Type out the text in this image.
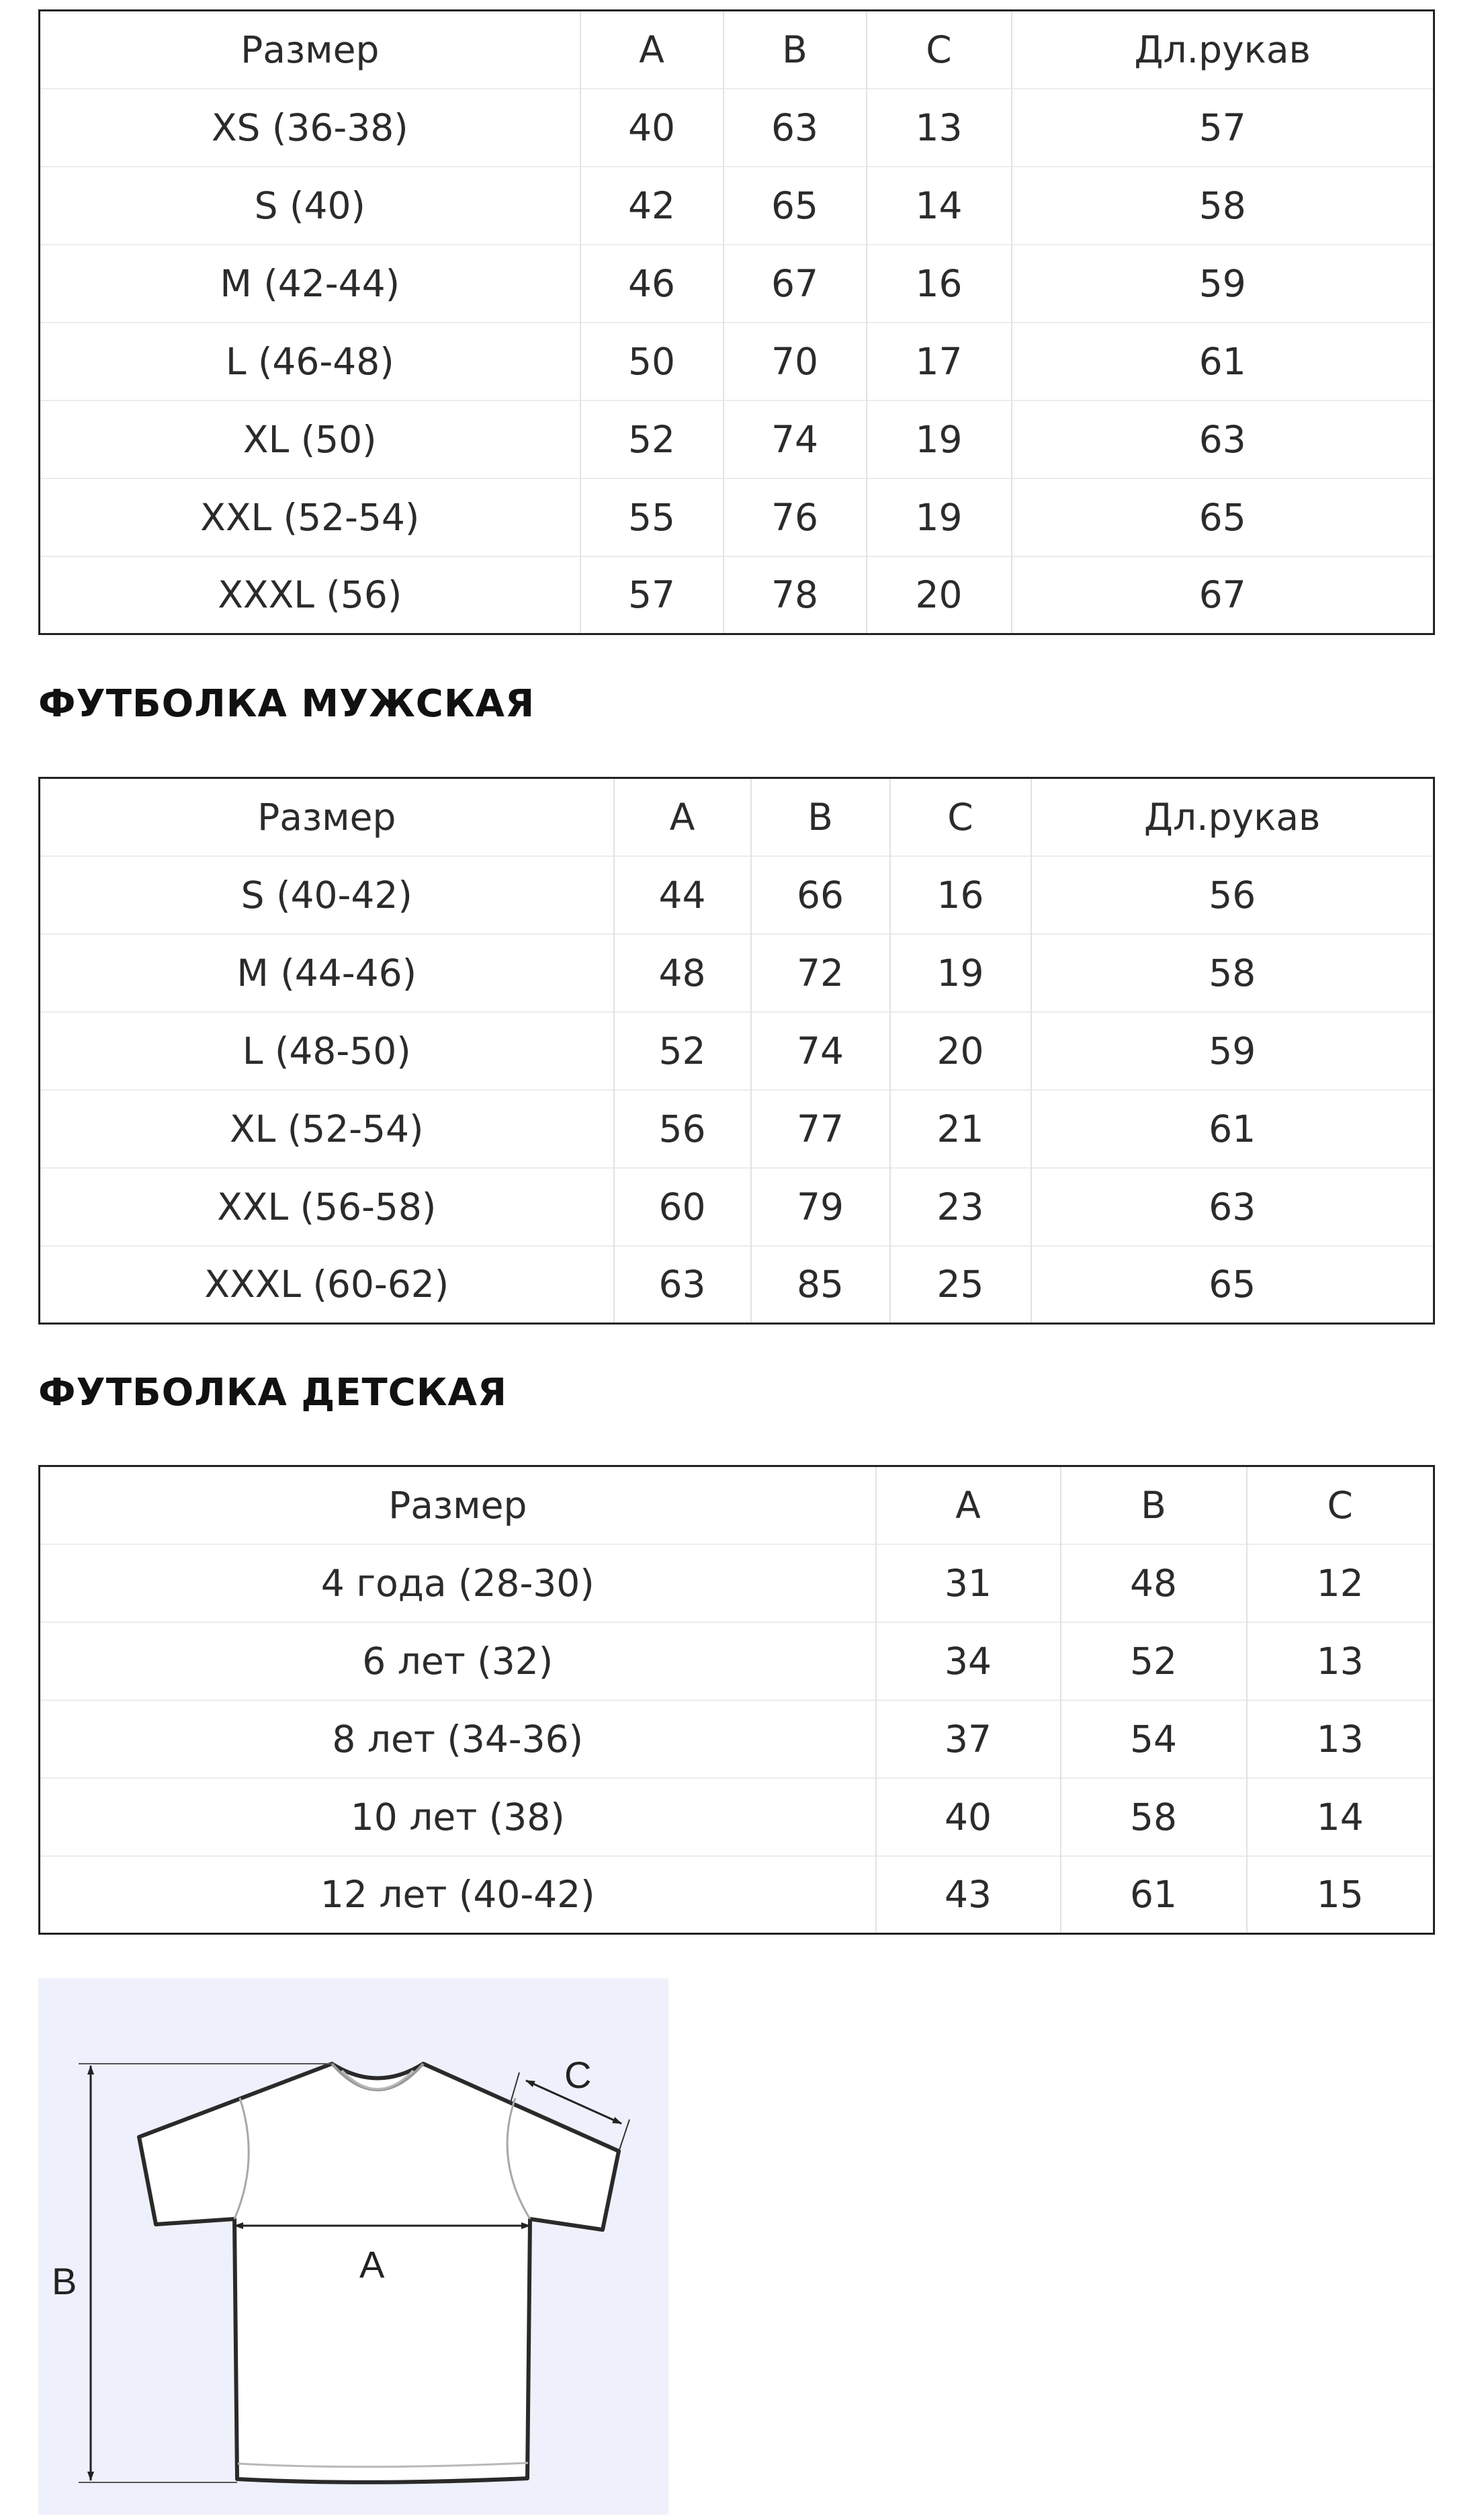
Размер	A	B	C	Дл.рукав
XS (36-38)	40	63	13	57
S (40)	42	65	14	58
M (42-44)	46	67	16	59
L (46-48)	50	70	17	61
XL (50)	52	74	19	63
XXL (52-54)	55	76	19	65
XXXL (56)	57	78	20	67
ФУТБОЛКА МУЖСКАЯ
Размер	A	B	C	Дл.рукав
S (40-42)	44	66	16	56
M (44-46)	48	72	19	58
L (48-50)	52	74	20	59
XL (52-54)	56	77	21	61
XXL (56-58)	60	79	23	63
XXXL (60-62)	63	85	25	65
ФУТБОЛКА ДЕТСКАЯ
Размер	A	B	C
4 года (28-30)	31	48	12
6 лет (32)	34	52	13
8 лет (34-36)	37	54	13
10 лет (38)	40	58	14
12 лет (40-42)	43	61	15
B	A
C
